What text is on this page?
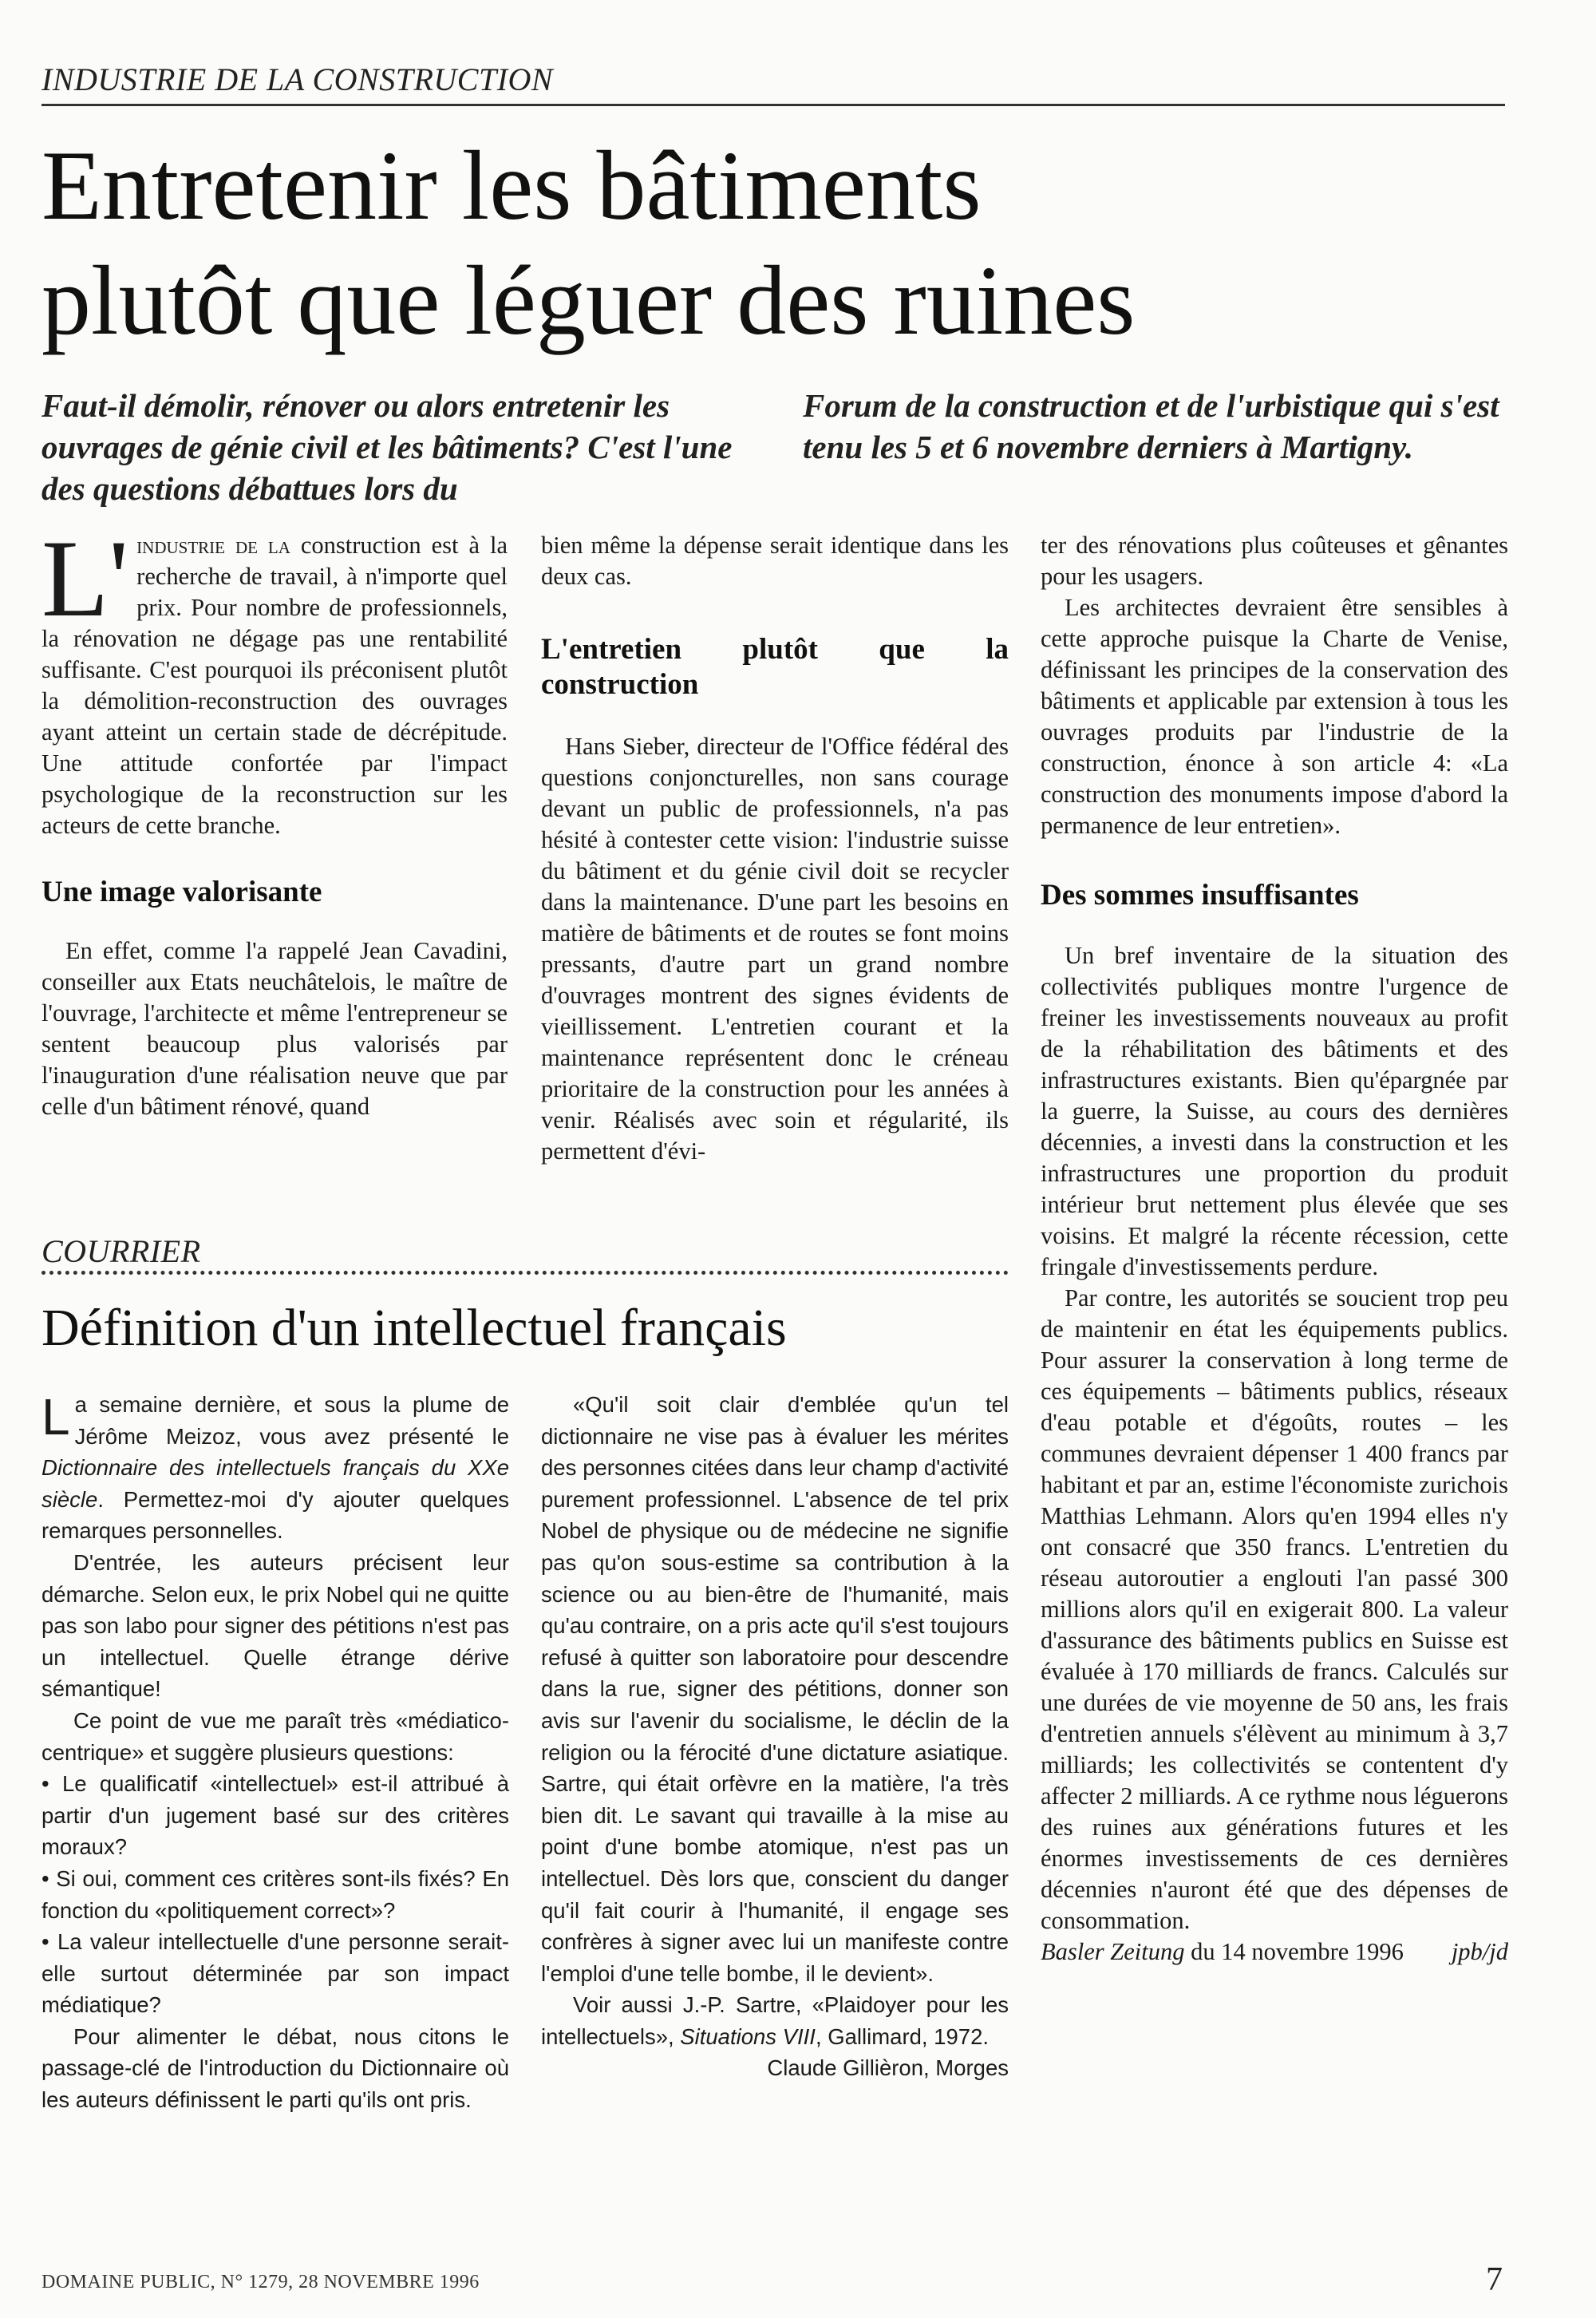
INDUSTRIE DE LA CONSTRUCTION
Entretenir les bâtiments
plutôt que léguer des ruines
Faut-il démolir, rénover ou alors entretenir les ouvrages de génie civil et les bâtiments? C'est l'une des questions débattues lors du
Forum de la construction et de l'urbistique qui s'est tenu les 5 et 6 novembre derniers à Martigny.

L' industrie de la construction est à la recherche de travail, à n'importe quel prix. Pour nombre de professionnels, la rénovation ne dégage pas une rentabilité suffisante. C'est pourquoi ils préconisent plutôt la démolition-reconstruction des ouvrages ayant atteint un certain stade de décrépitude. Une attitude confortée par l'impact psychologique de la reconstruction sur les acteurs de cette branche.

Une image valorisante

En effet, comme l'a rappelé Jean Cavadini, conseiller aux Etats neuchâtelois, le maître de l'ouvrage, l'architecte et même l'entrepreneur se sentent beaucoup plus valorisés par l'inauguration d'une réalisation neuve que par celle d'un bâtiment rénové, quand

bien même la dépense serait identique dans les deux cas.

L'entretien plutôt que la construction

Hans Sieber, directeur de l'Office fédéral des questions conjoncturelles, non sans courage devant un public de professionnels, n'a pas hésité à contester cette vision: l'industrie suisse du bâtiment et du génie civil doit se recycler dans la maintenance. D'une part les besoins en matière de bâtiments et de routes se font moins pressants, d'autre part un grand nombre d'ouvrages montrent des signes évidents de vieillissement. L'entretien courant et la maintenance représentent donc le créneau prioritaire de la construction pour les années à venir. Réalisés avec soin et régularité, ils permettent d'évi-

ter des rénovations plus coûteuses et gênantes pour les usagers.

Les architectes devraient être sensibles à cette approche puisque la Charte de Venise, définissant les principes de la conservation des bâtiments et applicable par extension à tous les ouvrages produits par l'industrie de la construction, énonce à son article 4: «La construction des monuments impose d'abord la permanence de leur entretien».

Des sommes insuffisantes

Un bref inventaire de la situation des collectivités publiques montre l'urgence de freiner les investissements nouveaux au profit de la réhabilitation des bâtiments et des infrastructures existants. Bien qu'épargnée par la guerre, la Suisse, au cours des dernières décennies, a investi dans la construction et les infrastructures une proportion du produit intérieur brut nettement plus élevée que ses voisins. Et malgré la récente récession, cette fringale d'investissements perdure.

Par contre, les autorités se soucient trop peu de maintenir en état les équipements publics. Pour assurer la conservation à long terme de ces équipements – bâtiments publics, réseaux d'eau potable et d'égoûts, routes – les communes devraient dépenser 1 400 francs par habitant et par an, estime l'économiste zurichois Matthias Lehmann. Alors qu'en 1994 elles n'y ont consacré que 350 francs. L'entretien du réseau autoroutier a englouti l'an passé 300 millions alors qu'il en exigerait 800. La valeur d'assurance des bâtiments publics en Suisse est évaluée à 170 milliards de francs. Calculés sur une durées de vie moyenne de 50 ans, les frais d'entretien annuels s'élèvent au minimum à 3,7 milliards; les collectivités se contentent d'y affecter 2 milliards. A ce rythme nous léguerons des ruines aux générations futures et les énormes investissements de ces dernières décennies n'auront été que des dépenses de consommation.

jpb/jd
Basler Zeitung du 14 novembre 1996

COURRIER
Définition d'un intellectuel français

La semaine dernière, et sous la plume de Jérôme Meizoz, vous avez présenté le Dictionnaire des intellectuels français du XXe siècle. Permettez-moi d'y ajouter quelques remarques personnelles.

D'entrée, les auteurs précisent leur démarche. Selon eux, le prix Nobel qui ne quitte pas son labo pour signer des pétitions n'est pas un intellectuel. Quelle étrange dérive sémantique!

Ce point de vue me paraît très «médiatico-centrique» et suggère plusieurs questions:

• Le qualificatif «intellectuel» est-il attribué à partir d'un jugement basé sur des critères moraux?

• Si oui, comment ces critères sont-ils fixés? En fonction du «politiquement correct»?

• La valeur intellectuelle d'une personne serait-elle surtout déterminée par son impact médiatique?

Pour alimenter le débat, nous citons le passage-clé de l'introduction du Dictionnaire où les auteurs définissent le parti qu'ils ont pris.

«Qu'il soit clair d'emblée qu'un tel dictionnaire ne vise pas à évaluer les mérites des personnes citées dans leur champ d'activité purement professionnel. L'absence de tel prix Nobel de physique ou de médecine ne signifie pas qu'on sous-estime sa contribution à la science ou au bien-être de l'humanité, mais qu'au contraire, on a pris acte qu'il s'est toujours refusé à quitter son laboratoire pour descendre dans la rue, signer des pétitions, donner son avis sur l'avenir du socialisme, le déclin de la religion ou la férocité d'une dictature asiatique. Sartre, qui était orfèvre en la matière, l'a très bien dit. Le savant qui travaille à la mise au point d'une bombe atomique, n'est pas un intellectuel. Dès lors que, conscient du danger qu'il fait courir à l'humanité, il engage ses confrères à signer avec lui un manifeste contre l'emploi d'une telle bombe, il le devient».

Voir aussi J.-P. Sartre, «Plaidoyer pour les intellectuels», Situations VIII, Gallimard, 1972.

Claude Gillièron, Morges

DOMAINE PUBLIC, N° 1279, 28 NOVEMBRE 1996	7
